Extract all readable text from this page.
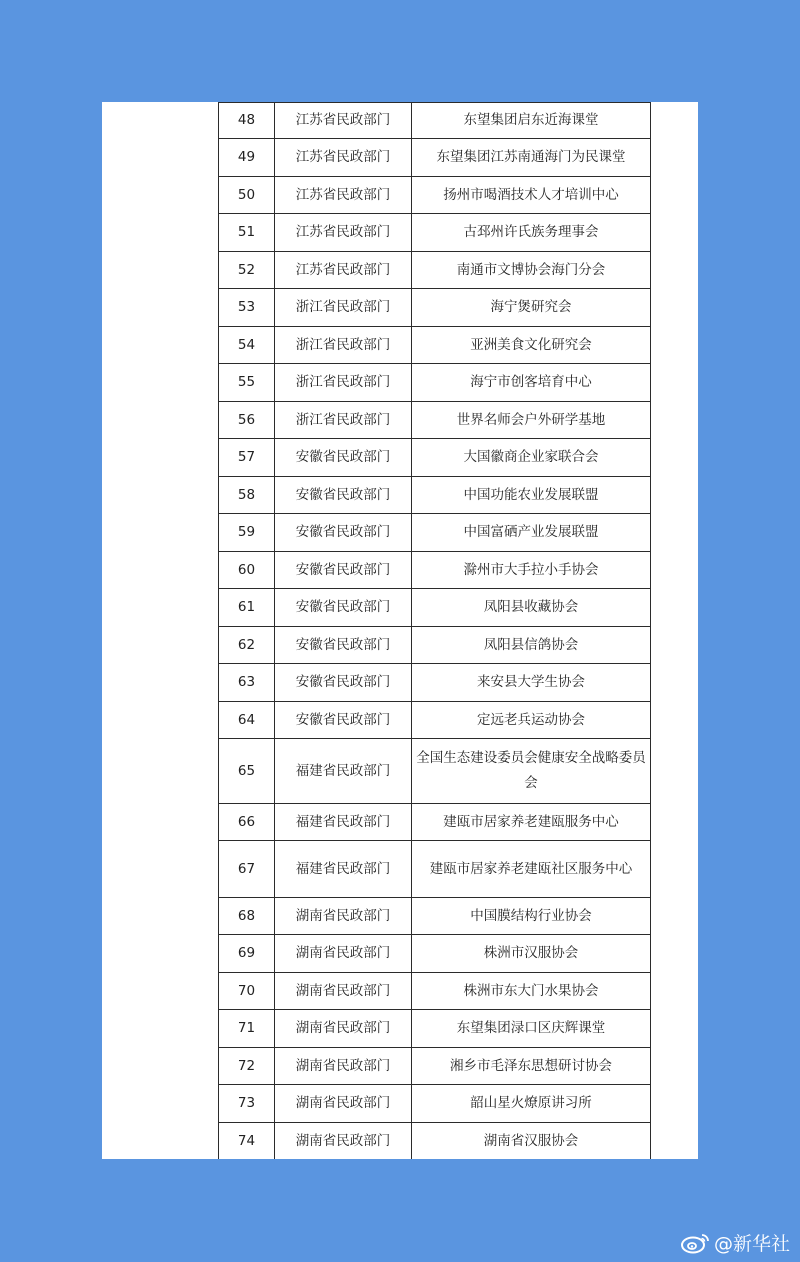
48	江苏省民政部门	东望集团启东近海课堂
49	江苏省民政部门	东望集团江苏南通海门为民课堂
50	江苏省民政部门	扬州市喝酒技术人才培训中心
51	江苏省民政部门	古邳州许氏族务理事会
52	江苏省民政部门	南通市文博协会海门分会
53	浙江省民政部门	海宁煲研究会
54	浙江省民政部门	亚洲美食文化研究会
55	浙江省民政部门	海宁市创客培育中心
56	浙江省民政部门	世界名师会户外研学基地
57	安徽省民政部门	大国徽商企业家联合会
58	安徽省民政部门	中国功能农业发展联盟
59	安徽省民政部门	中国富硒产业发展联盟
60	安徽省民政部门	滁州市大手拉小手协会
61	安徽省民政部门	凤阳县收藏协会
62	安徽省民政部门	凤阳县信鸽协会
63	安徽省民政部门	来安县大学生协会
64	安徽省民政部门	定远老兵运动协会
65	福建省民政部门	全国生态建设委员会健康安全战略委员会
66	福建省民政部门	建瓯市居家养老建瓯服务中心
67	福建省民政部门	建瓯市居家养老建瓯社区服务中心
68	湖南省民政部门	中国膜结构行业协会
69	湖南省民政部门	株洲市汉服协会
70	湖南省民政部门	株洲市东大门水果协会
71	湖南省民政部门	东望集团渌口区庆辉课堂
72	湖南省民政部门	湘乡市毛泽东思想研讨协会
73	湖南省民政部门	韶山星火燎原讲习所
74	湖南省民政部门	湖南省汉服协会

@新华社
